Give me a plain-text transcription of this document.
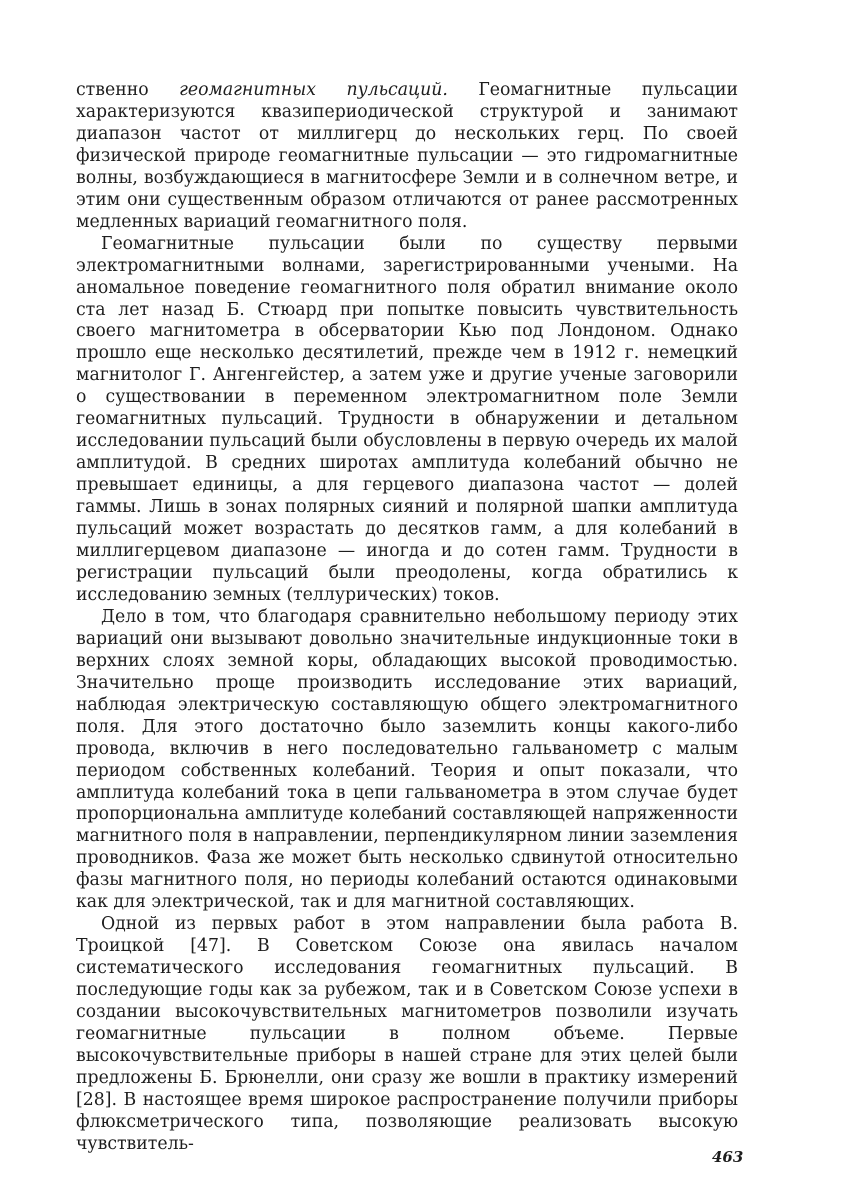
ственно геомагнитных пульсаций. Геомагнитные пульсации характеризуются квазипериодической структурой и занимают диапазон частот от миллигерц до нескольких герц. По своей физической природе геомагнитные пульсации — это гидромагнитные волны, возбуждающиеся в магнитосфере Земли и в солнечном ветре, и этим они существенным образом отличаются от ранее рассмотренных медленных вариаций геомагнитного поля.

Геомагнитные пульсации были по существу первыми электромагнитными волнами, зарегистрированными учеными. На аномальное поведение геомагнитного поля обратил внимание около ста лет назад Б. Стюард при попытке повысить чувствительность своего магнитометра в обсерватории Кью под Лондоном. Однако прошло еще несколько десятилетий, прежде чем в 1912 г. немецкий магнитолог Г. Ангенгейстер, а затем уже и другие ученые заговорили о существовании в переменном электромагнитном поле Земли геомагнитных пульсаций. Трудности в обнаружении и детальном исследовании пульсаций были обусловлены в первую очередь их малой амплитудой. В средних широтах амплитуда колебаний обычно не превышает единицы, а для герцевого диапазона частот — долей гаммы. Лишь в зонах полярных сияний и полярной шапки амплитуда пульсаций может возрастать до десятков гамм, а для колебаний в миллигерцевом диапазоне — иногда и до сотен гамм. Трудности в регистрации пульсаций были преодолены, когда обратились к исследованию земных (теллурических) токов.

Дело в том, что благодаря сравнительно небольшому периоду этих вариаций они вызывают довольно значительные индукционные токи в верхних слоях земной коры, обладающих высокой проводимостью. Значительно проще производить исследование этих вариаций, наблюдая электрическую составляющую общего электромагнитного поля. Для этого достаточно было заземлить концы какого-либо провода, включив в него последовательно гальванометр с малым периодом собственных колебаний. Теория и опыт показали, что амплитуда колебаний тока в цепи гальванометра в этом случае будет пропорциональна амплитуде колебаний составляющей напряженности магнитного поля в направлении, перпендикулярном линии заземления проводников. Фаза же может быть несколько сдвинутой относительно фазы магнитного поля, но периоды колебаний остаются одинаковыми как для электрической, так и для магнитной составляющих.

Одной из первых работ в этом направлении была работа В. Троицкой [47]. В Советском Союзе она явилась началом систематического исследования геомагнитных пульсаций. В последующие годы как за рубежом, так и в Советском Союзе успехи в создании высокочувствительных магнитометров позволили изучать геомагнитные пульсации в полном объеме. Первые высокочувствительные приборы в нашей стране для этих целей были предложены Б. Брюнелли, они сразу же вошли в практику измерений [28]. В настоящее время широкое распространение получили приборы флюксметрического типа, позволяющие реализовать высокую чувствитель-

463
